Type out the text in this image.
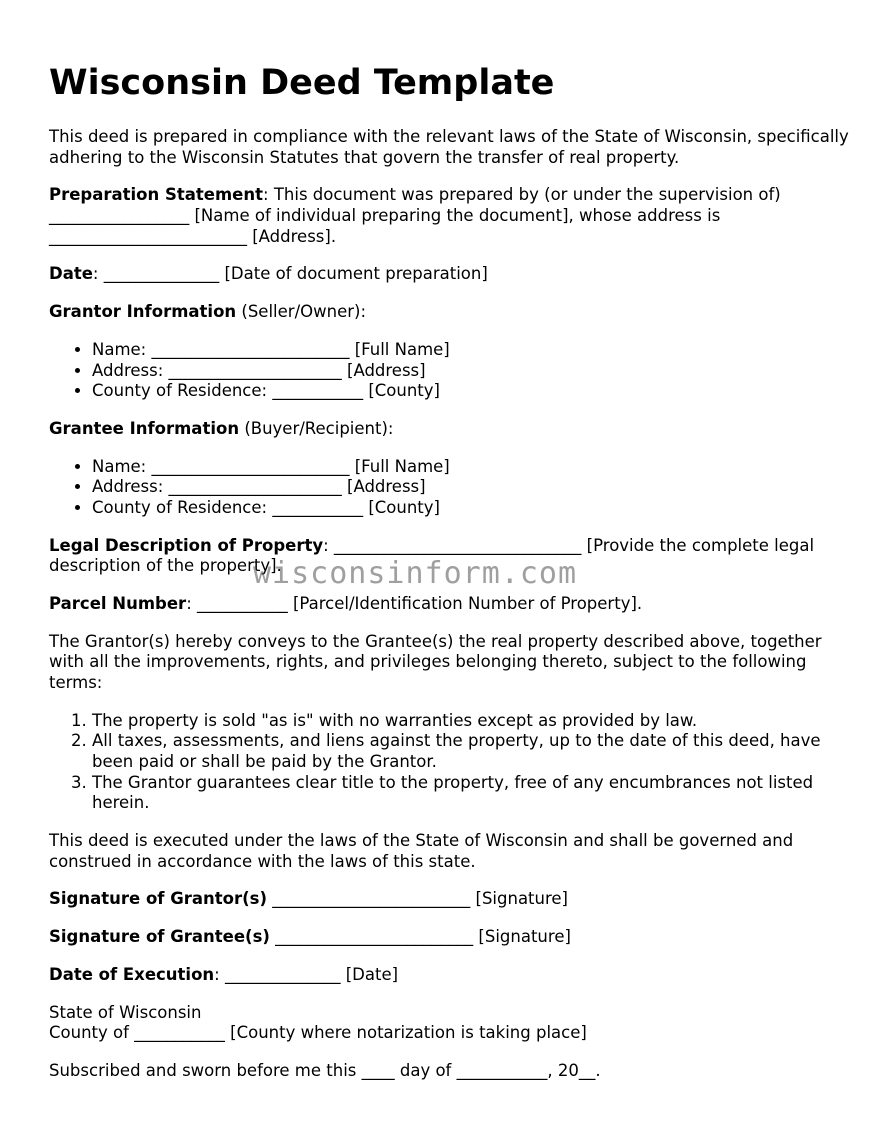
Wisconsin Deed Template

This deed is prepared in compliance with the relevant laws of the State of Wisconsin, specifically adhering to the Wisconsin Statutes that govern the transfer of real property.

Preparation Statement: This document was prepared by (or under the supervision of) _________________ [Name of individual preparing the document], whose address is ________________________ [Address].

Date: ______________ [Date of document preparation]

Grantor Information (Seller/Owner):

• Name: ________________________ [Full Name]
• Address: _____________________ [Address]
• County of Residence: ___________ [County]

Grantee Information (Buyer/Recipient):

• Name: ________________________ [Full Name]
• Address: _____________________ [Address]
• County of Residence: ___________ [County]

Legal Description of Property: ______________________________ [Provide the complete legal description of the property].

Parcel Number: ___________ [Parcel/Identification Number of Property].

The Grantor(s) hereby conveys to the Grantee(s) the real property described above, together with all the improvements, rights, and privileges belonging thereto, subject to the following terms:

1. The property is sold "as is" with no warranties except as provided by law.
2. All taxes, assessments, and liens against the property, up to the date of this deed, have been paid or shall be paid by the Grantor.
3. The Grantor guarantees clear title to the property, free of any encumbrances not listed herein.

This deed is executed under the laws of the State of Wisconsin and shall be governed and construed in accordance with the laws of this state.

Signature of Grantor(s) ________________________ [Signature]

Signature of Grantee(s) ________________________ [Signature]

Date of Execution: ______________ [Date]

State of Wisconsin
County of ___________ [County where notarization is taking place]

Subscribed and sworn before me this ____ day of ___________, 20__.

wisconsinform.com
